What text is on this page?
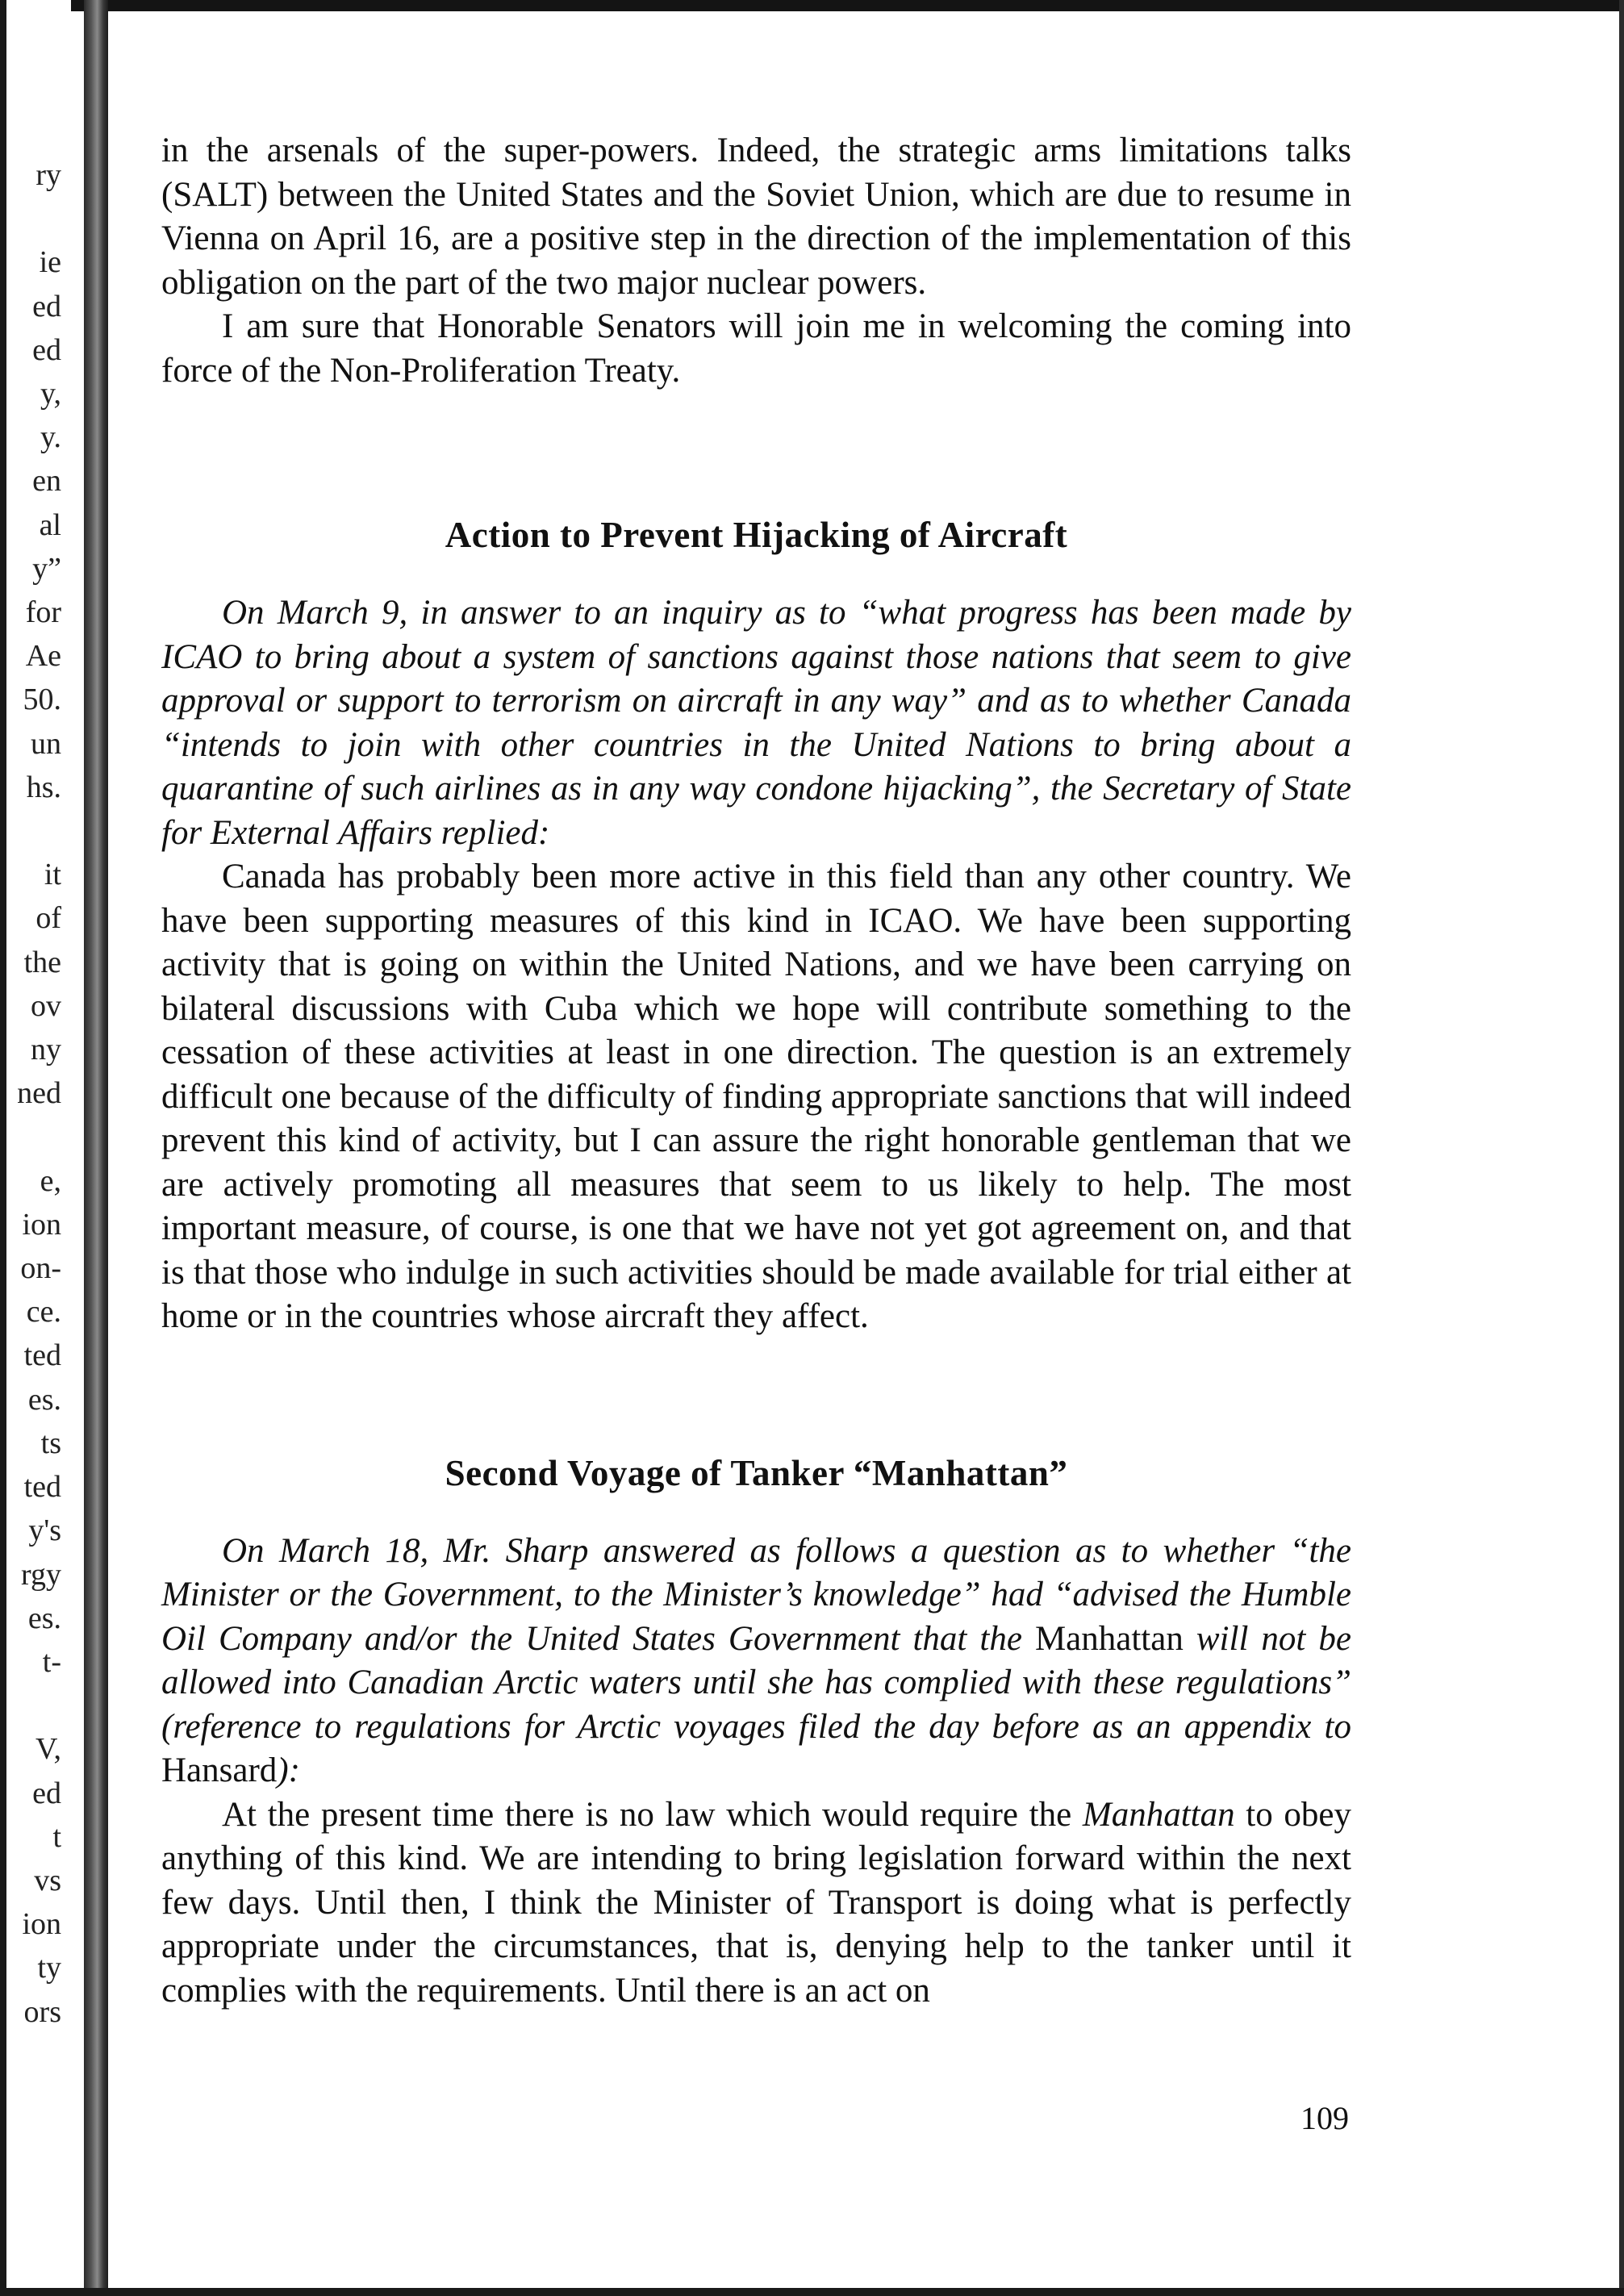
ry

ie
ed
ed
y,
y.
en
al
y”
for
Ae
50.
un
hs.

it
of
the
ov
ny
ned

e,
ion
on-
ce.
ted
es.
ts
ted
y's
rgy
es.
t-

V,
ed
t
vs
ion
ty
ors

in the arsenals of the super-powers. Indeed, the strategic arms limitations talks (SALT) between the United States and the Soviet Union, which are due to resume in Vienna on April 16, are a positive step in the direction of the implementation of this obligation on the part of the two major nuclear powers.

I am sure that Honorable Senators will join me in welcoming the coming into force of the Non-Proliferation Treaty.

Action to Prevent Hijacking of Aircraft

On March 9, in answer to an inquiry as to “what progress has been made by ICAO to bring about a system of sanctions against those nations that seem to give approval or support to terrorism on aircraft in any way” and as to whether Canada “intends to join with other countries in the United Nations to bring about a quarantine of such airlines as in any way condone hijacking”, the Secretary of State for External Affairs replied:

Canada has probably been more active in this field than any other country. We have been supporting measures of this kind in ICAO. We have been supporting activity that is going on within the United Nations, and we have been carrying on bilateral discussions with Cuba which we hope will contribute something to the cessation of these activities at least in one direction. The question is an extremely difficult one because of the difficulty of finding appropriate sanctions that will indeed prevent this kind of activity, but I can assure the right honorable gentleman that we are actively promoting all measures that seem to us likely to help. The most important measure, of course, is one that we have not yet got agreement on, and that is that those who indulge in such activities should be made available for trial either at home or in the countries whose aircraft they affect.

Second Voyage of Tanker “Manhattan”

On March 18, Mr. Sharp answered as follows a question as to whether “the Minister or the Government, to the Minister’s knowledge” had “advised the Humble Oil Company and/or the United States Government that the Manhattan will not be allowed into Canadian Arctic waters until she has complied with these regulations” (reference to regulations for Arctic voyages filed the day before as an appendix to Hansard):

At the present time there is no law which would require the Manhattan to obey anything of this kind. We are intending to bring legislation forward within the next few days. Until then, I think the Minister of Transport is doing what is perfectly appropriate under the circumstances, that is, denying help to the tanker until it complies with the requirements. Until there is an act on

109
